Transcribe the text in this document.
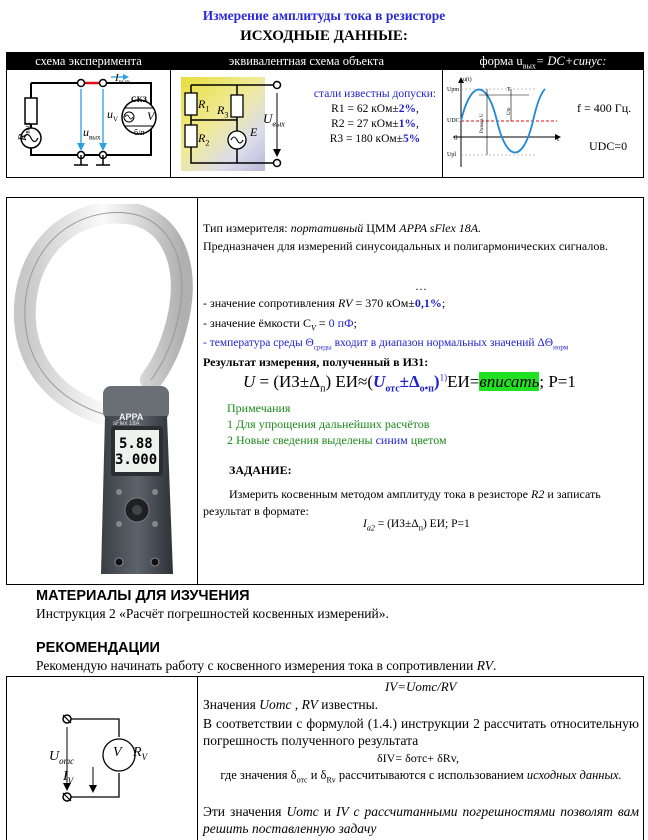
Измерение амплитуды тока в резисторе
ИСХОДНЫЕ ДАННЫЕ:
схема эксперимента	эквивалентная схема объекта	форма $u_{вых}=$ DC+синус:
$R_{вых}$
$I_{вых}$
$u_V$
$u_{вых}$
СКЗ
V
б/п
$R_1$
$R_2$
$R_3$
E
$U_{вых}$
стали известны допуски:
R1 = 62 кОм±2%,
R2 = 27 кОм±1%,
R3 = 180 кОм±5%
u(t)
t
Uрm
UDC
0
Uрl
T
Размах U
Um	f = 400 Гц.
UDC=0
APPA
sFlex 18A
5.88
3.000
Тип измерителя: портативный ЦММ APPA sFlex 18A.
Предназначен для измерений синусоидальных и полигармонических сигналов.
…
- значение сопротивления RV = 370 кОм±0,1%;
- значение ёмкости $C_V = 0$ пФ;
- температура среды $\Theta_{среды}$ входит в диапазон нормальных значений $\Delta\Theta_{норм}$
Результат измерения, полученный в ИЗ1:
$U = (ИЗ\pm\Delta_п)$ $ЕИ\approx(U_{отс}\pm\Delta_{о•п})^{1)}ЕИ=вписать$; P=1
Примечания
1 Для упрощения дальнейших расчётов
2 Новые сведения выделены синим цветом
ЗАДАНИЕ:
Измерить косвенным методом амплитуду тока в резисторе R2 и записать результат в формате:
$I_{a2} = (ИЗ\pm\Delta_п)$ ЕИ; P=1
МАТЕРИАЛЫ ДЛЯ ИЗУЧЕНИЯ
Инструкция 2 «Расчёт погрешностей косвенных измерений».
РЕКОМЕНДАЦИИ
Рекомендую начинать работу с косвенного измерения тока в сопротивлении RV.
$U_{отс}$
V $R_V$
$I_V$
IV=Uотс/RV
Значения Uотс , RV известны.
В соответствии с формулой (1.4.) инструкции 2 рассчитать относительную погрешность полученного результата
δIV= δотс+ δRv,
где значения $\delta_{отс}$ и $\delta_{Rv}$ рассчитываются с использованием исходных данных.
Эти значения Uотс и IV с рассчитанными погрешностями позволят вам решить поставленную задачу
